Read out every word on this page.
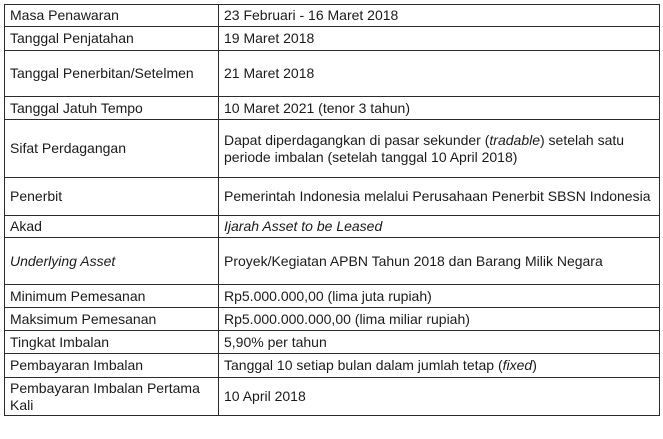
Masa Penawaran	23 Februari - 16 Maret 2018
Tanggal Penjatahan	19 Maret 2018
Tanggal Penerbitan/Setelmen	21 Maret 2018
Tanggal Jatuh Tempo	10 Maret 2021 (tenor 3 tahun)
Sifat Perdagangan	Dapat diperdagangkan di pasar sekunder (tradable) setelah satu periode imbalan (setelah tanggal 10 April 2018)
Penerbit	Pemerintah Indonesia melalui Perusahaan Penerbit SBSN Indonesia
Akad	Ijarah Asset to be Leased
Underlying Asset	Proyek/Kegiatan APBN Tahun 2018 dan Barang Milik Negara
Minimum Pemesanan	Rp5.000.000,00 (lima juta rupiah)
Maksimum Pemesanan	Rp5.000.000.000,00 (lima miliar rupiah)
Tingkat Imbalan	5,90% per tahun
Pembayaran Imbalan	Tanggal 10 setiap bulan dalam jumlah tetap (fixed)
Pembayaran Imbalan Pertama Kali	10 April 2018
